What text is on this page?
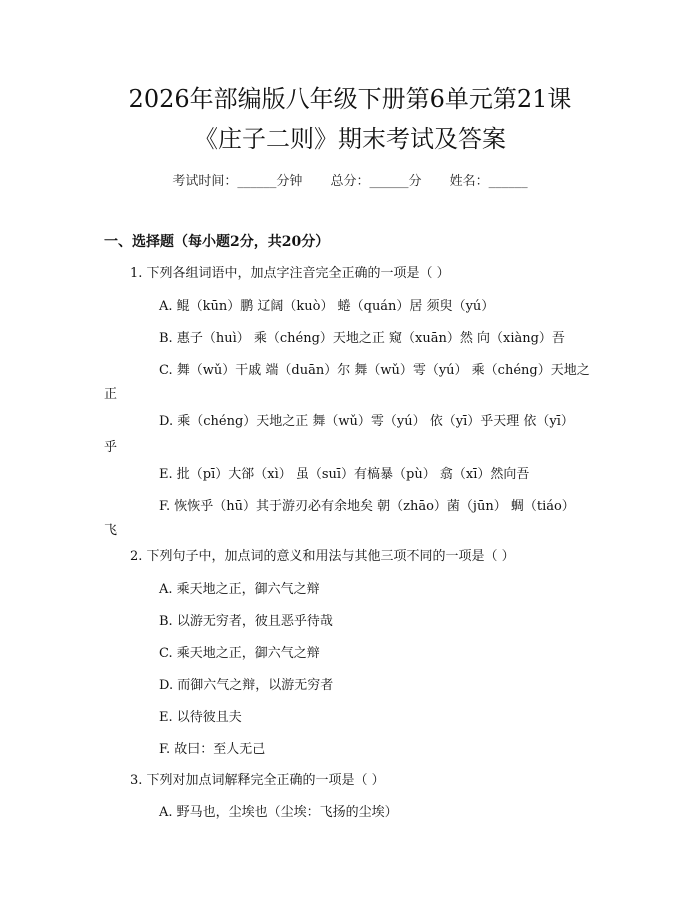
2026年部编版八年级下册第6单元第21课
《庄子二则》期末考试及答案
考试时间：______分钟 总分：______分 姓名：______
一、选择题（每小题2分，共20分）
1. 下列各组词语中，加点字注音完全正确的一项是（ ）
A. 鲲（kūn）鹏 辽阔（kuò） 蜷（quán）居 须臾（yú）
B. 惠子（huì） 乘（chéng）天地之正 窥（xuān）然 向（xiàng）吾
C. 舞（wǔ）干戚 端（duān）尔 舞（wǔ）雩（yú） 乘（chéng）天地之
正
D. 乘（chéng）天地之正 舞（wǔ）雩（yú） 依（yī）乎天理 依（yī）
乎
E. 批（pī）大郤（xì） 虽（suī）有槁暴（pù） 翕（xī）然向吾
F. 恢恢乎（hū）其于游刃必有余地矣 朝（zhāo）菌（jūn） 蜩（tiáo）
飞
2. 下列句子中，加点词的意义和用法与其他三项不同的一项是（ ）
A. 乘天地之正，御六气之辩
B. 以游无穷者，彼且恶乎待哉
C. 乘天地之正，御六气之辩
D. 而御六气之辩，以游无穷者
E. 以待彼且夫
F. 故曰：至人无己
3. 下列对加点词解释完全正确的一项是（ ）
A. 野马也，尘埃也（尘埃：飞扬的尘埃）
